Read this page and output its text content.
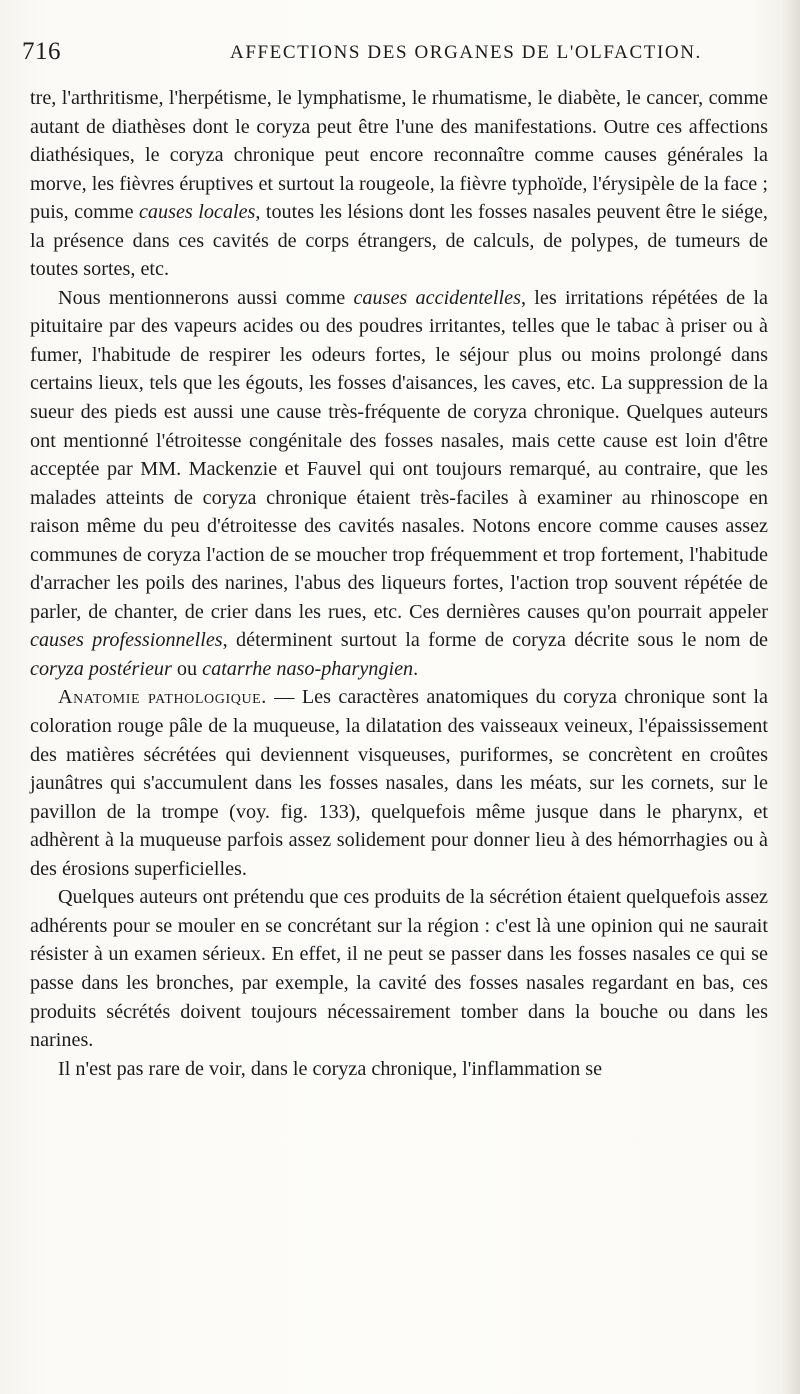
716	AFFECTIONS DES ORGANES DE L'OLFACTION.

tre, l'arthritisme, l'herpétisme, le lymphatisme, le rhumatisme, le diabète, le cancer, comme autant de diathèses dont le coryza peut être l'une des manifestations. Outre ces affections diathésiques, le coryza chronique peut encore reconnaître comme causes générales la morve, les fièvres éruptives et surtout la rougeole, la fièvre typhoïde, l'érysipèle de la face ; puis, comme causes locales, toutes les lésions dont les fosses nasales peuvent être le siége, la présence dans ces cavités de corps étrangers, de calculs, de polypes, de tumeurs de toutes sortes, etc.

Nous mentionnerons aussi comme causes accidentelles, les irritations répétées de la pituitaire par des vapeurs acides ou des poudres irritantes, telles que le tabac à priser ou à fumer, l'habitude de respirer les odeurs fortes, le séjour plus ou moins prolongé dans certains lieux, tels que les égouts, les fosses d'aisances, les caves, etc. La suppression de la sueur des pieds est aussi une cause très-fréquente de coryza chronique. Quelques auteurs ont mentionné l'étroitesse congénitale des fosses nasales, mais cette cause est loin d'être acceptée par MM. Mackenzie et Fauvel qui ont toujours remarqué, au contraire, que les malades atteints de coryza chronique étaient très-faciles à examiner au rhinoscope en raison même du peu d'étroitesse des cavités nasales. Notons encore comme causes assez communes de coryza l'action de se moucher trop fréquemment et trop fortement, l'habitude d'arracher les poils des narines, l'abus des liqueurs fortes, l'action trop souvent répétée de parler, de chanter, de crier dans les rues, etc. Ces dernières causes qu'on pourrait appeler causes professionnelles, déterminent surtout la forme de coryza décrite sous le nom de coryza postérieur ou catarrhe naso-pharyngien.

Anatomie pathologique. — Les caractères anatomiques du coryza chronique sont la coloration rouge pâle de la muqueuse, la dilatation des vaisseaux veineux, l'épaississement des matières sécrétées qui deviennent visqueuses, puriformes, se concrètent en croûtes jaunâtres qui s'accumulent dans les fosses nasales, dans les méats, sur les cornets, sur le pavillon de la trompe (voy. fig. 133), quelquefois même jusque dans le pharynx, et adhèrent à la muqueuse parfois assez solidement pour donner lieu à des hémorrhagies ou à des érosions superficielles.

Quelques auteurs ont prétendu que ces produits de la sécrétion étaient quelquefois assez adhérents pour se mouler en se concrétant sur la région : c'est là une opinion qui ne saurait résister à un examen sérieux. En effet, il ne peut se passer dans les fosses nasales ce qui se passe dans les bronches, par exemple, la cavité des fosses nasales regardant en bas, ces produits sécrétés doivent toujours nécessairement tomber dans la bouche ou dans les narines.

Il n'est pas rare de voir, dans le coryza chronique, l'inflammation se
